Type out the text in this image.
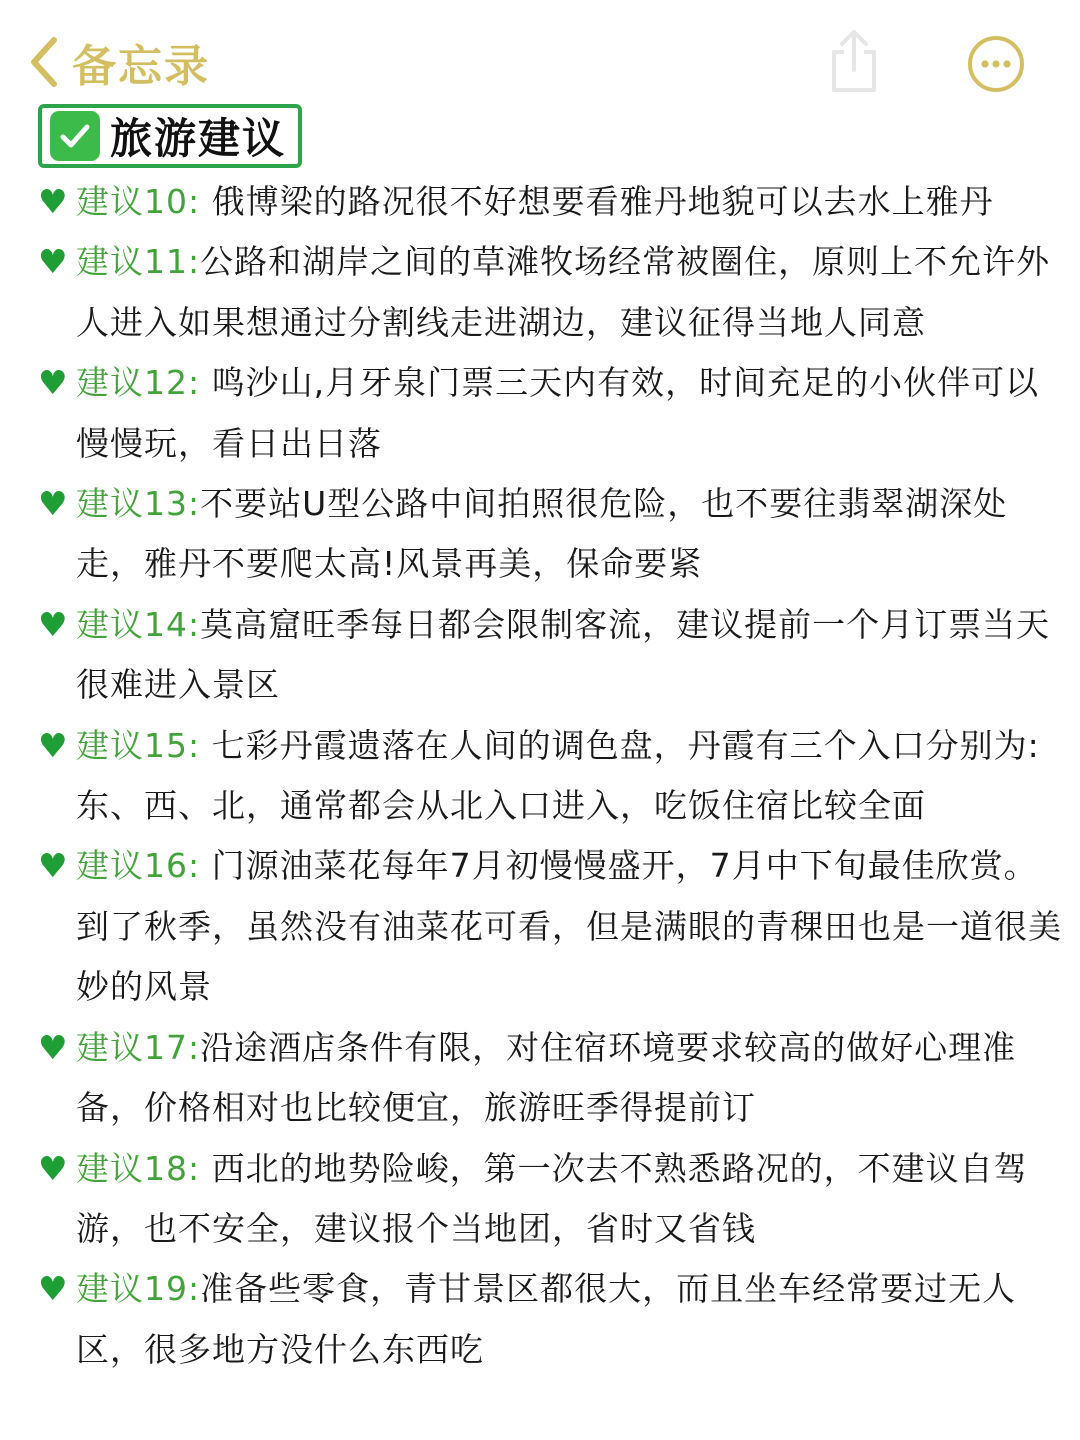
备忘录
旅游建议

♥ 建议10: 俄博梁的路况很不好想要看雅丹地貌可以去水上雅丹

♥ 建议11:公路和湖岸之间的草滩牧场经常被圈住，原则上不允许外人进入如果想通过分割线走进湖边，建议征得当地人同意

♥ 建议12: 鸣沙山,月牙泉门票三天内有效，时间充足的小伙伴可以慢慢玩，看日出日落

♥ 建议13:不要站U型公路中间拍照很危险，也不要往翡翠湖深处走，雅丹不要爬太高!风景再美，保命要紧

♥ 建议14:莫高窟旺季每日都会限制客流，建议提前一个月订票当天很难进入景区

♥ 建议15: 七彩丹霞遗落在人间的调色盘，丹霞有三个入口分别为:东、西、北，通常都会从北入口进入，吃饭住宿比较全面

♥ 建议16: 门源油菜花每年7月初慢慢盛开，7月中下旬最佳欣赏。到了秋季，虽然没有油菜花可看，但是满眼的青稞田也是一道很美妙的风景

♥ 建议17:沿途酒店条件有限，对住宿环境要求较高的做好心理准备，价格相对也比较便宜，旅游旺季得提前订

♥ 建议18: 西北的地势险峻，第一次去不熟悉路况的，不建议自驾游，也不安全，建议报个当地团，省时又省钱

♥ 建议19:准备些零食，青甘景区都很大，而且坐车经常要过无人区，很多地方没什么东西吃
